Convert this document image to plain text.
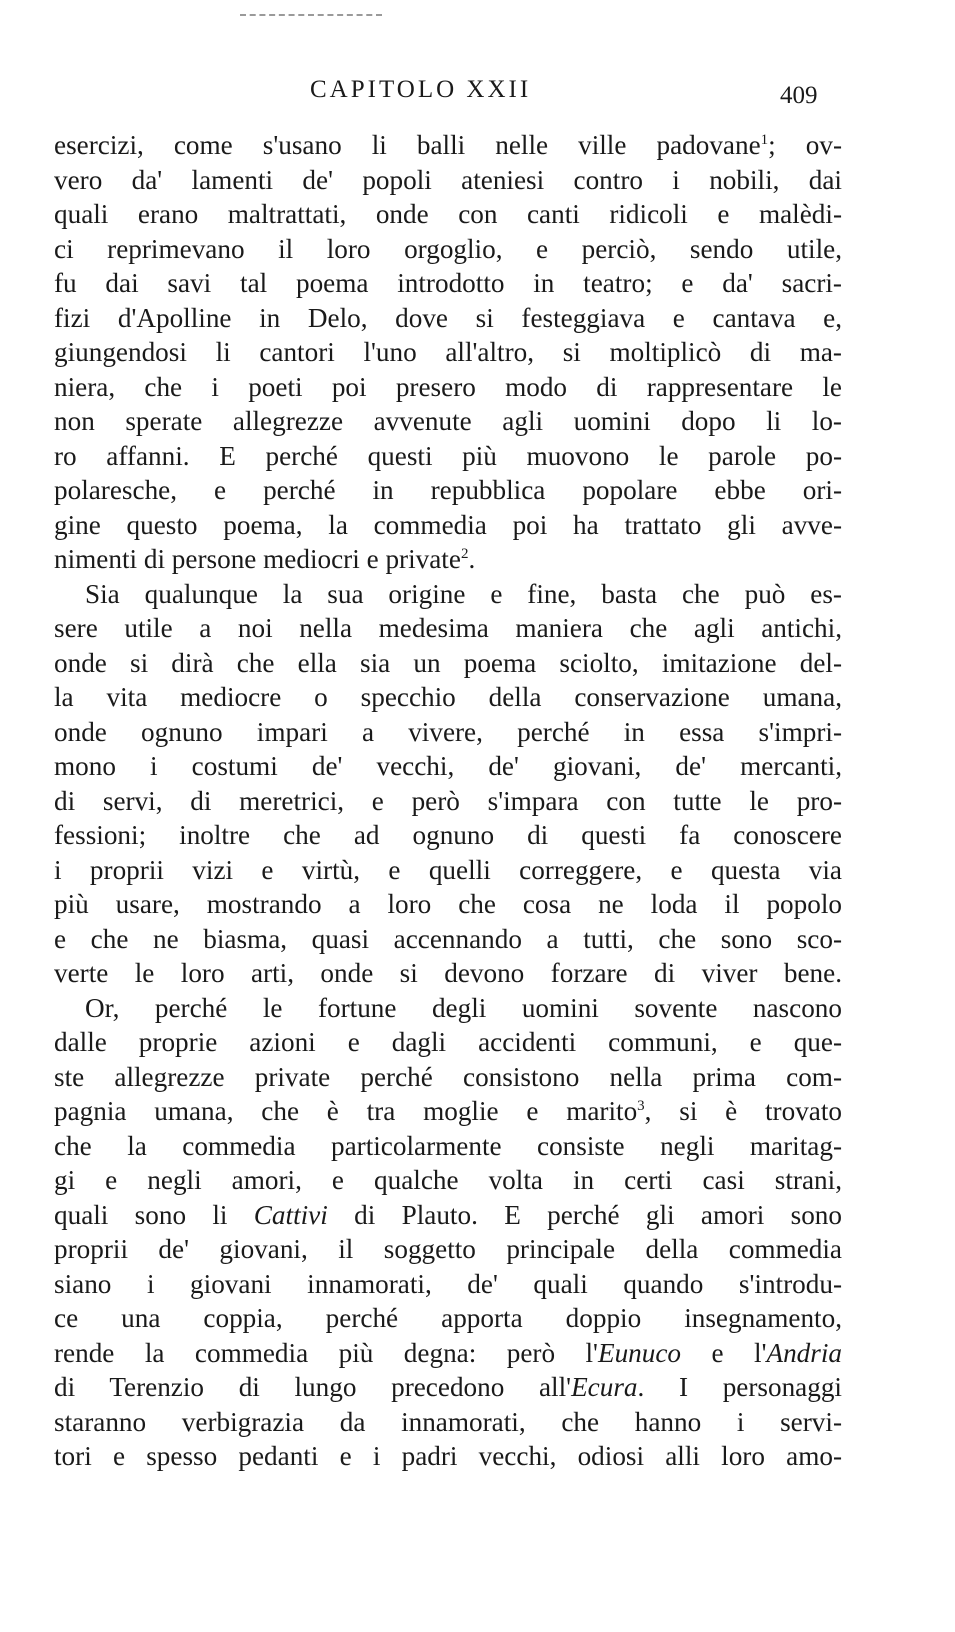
CAPITOLO XXII	409
esercizi, come s'usano li balli nelle ville padovane$^1$; ov-
vero da' lamenti de' popoli ateniesi contro i nobili, dai
quali erano maltrattati, onde con canti ridicoli e malèdi-
ci reprimevano il loro orgoglio, e perciò, sendo utile,
fu dai savi tal poema introdotto in teatro; e da' sacri-
fizi d'Apolline in Delo, dove si festeggiava e cantava e,
giungendosi li cantori l'uno all'altro, si moltiplicò di ma-
niera, che i poeti poi presero modo di rappresentare le
non sperate allegrezze avvenute agli uomini dopo li lo-
ro affanni. E perché questi più muovono le parole po-
polaresche, e perché in repubblica popolare ebbe ori-
gine questo poema, la commedia poi ha trattato gli avve-
nimenti di persone mediocri e private$^2$.
Sia qualunque la sua origine e fine, basta che può es-
sere utile a noi nella medesima maniera che agli antichi,
onde si dirà che ella sia un poema sciolto, imitazione del-
la vita mediocre o specchio della conservazione umana,
onde ognuno impari a vivere, perché in essa s'impri-
mono i costumi de' vecchi, de' giovani, de' mercanti,
di servi, di meretrici, e però s'impara con tutte le pro-
fessioni; inoltre che ad ognuno di questi fa conoscere
i proprii vizi e virtù, e quelli correggere, e questa via
più usare, mostrando a loro che cosa ne loda il popolo
e che ne biasma, quasi accennando a tutti, che sono sco-
verte le loro arti, onde si devono forzare di viver bene.
Or, perché le fortune degli uomini sovente nascono
dalle proprie azioni e dagli accidenti communi, e que-
ste allegrezze private perché consistono nella prima com-
pagnia umana, che è tra moglie e marito$^3$, si è trovato
che la commedia particolarmente consiste negli maritag-
gi e negli amori, e qualche volta in certi casi strani,
quali sono li Cattivi di Plauto. E perché gli amori sono
proprii de' giovani, il soggetto principale della commedia
siano i giovani innamorati, de' quali quando s'introdu-
ce una coppia, perché apporta doppio insegnamento,
rende la commedia più degna: però l'Eunuco e l'Andria
di Terenzio di lungo precedono all'Ecura. I personaggi
staranno verbigrazia da innamorati, che hanno i servi-
tori e spesso pedanti e i padri vecchi, odiosi alli loro amo-
